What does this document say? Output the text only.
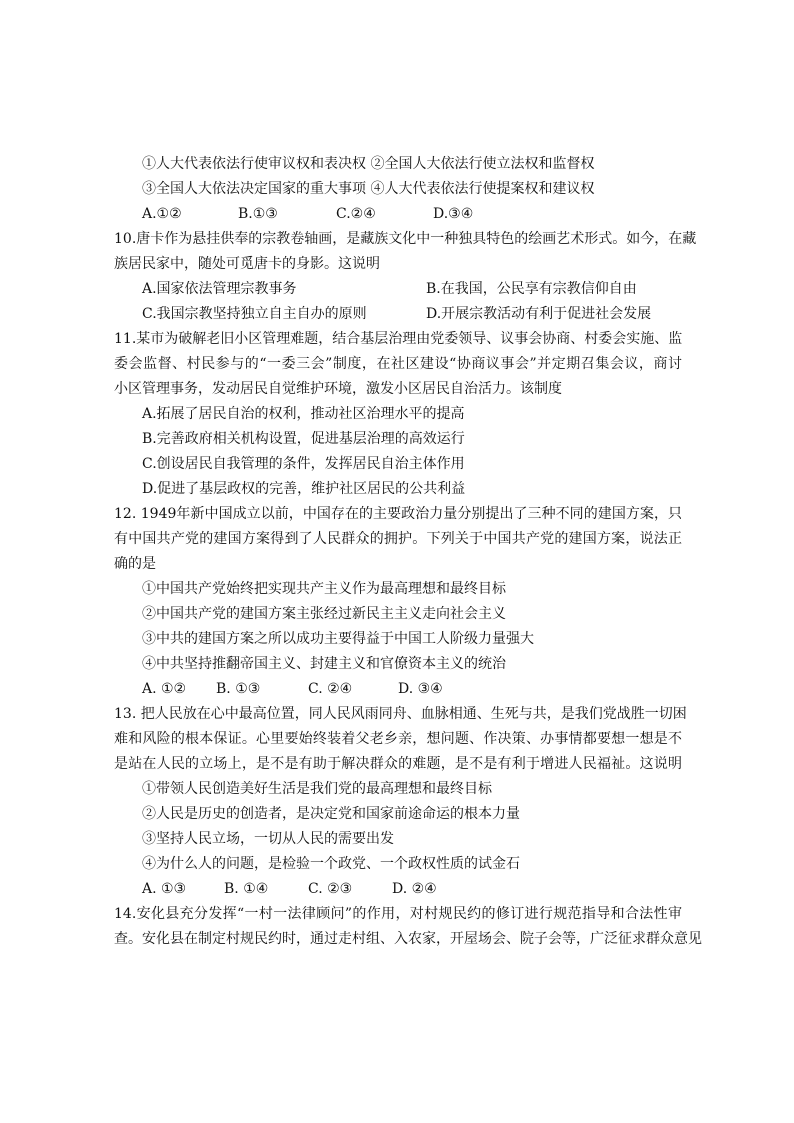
①人大代表依法行使审议权和表决权 ②全国人大依法行使立法权和监督权
③全国人大依法决定国家的重大事项 ④人大代表依法行使提案权和建议权
A.①②	B.①③	C.②④	D.③④
10.唐卡作为悬挂供奉的宗教卷轴画，是藏族文化中一种独具特色的绘画艺术形式。如今，在藏
族居民家中，随处可觅唐卡的身影。这说明
A.国家依法管理宗教事务	B.在我国，公民享有宗教信仰自由
C.我国宗教坚持独立自主自办的原则	D.开展宗教活动有利于促进社会发展
11.某市为破解老旧小区管理难题，结合基层治理由党委领导、议事会协商、村委会实施、监
委会监督、村民参与的“一委三会”制度，在社区建设“协商议事会”并定期召集会议，商讨
小区管理事务，发动居民自觉维护环境，激发小区居民自治活力。该制度
A.拓展了居民自治的权利，推动社区治理水平的提高
B.完善政府相关机构设置，促进基层治理的高效运行
C.创设居民自我管理的条件，发挥居民自治主体作用
D.促进了基层政权的完善，维护社区居民的公共利益
12. 1949年新中国成立以前，中国存在的主要政治力量分别提出了三种不同的建国方案，只
有中国共产党的建国方案得到了人民群众的拥护。下列关于中国共产党的建国方案，说法正
确的是
①中国共产党始终把实现共产主义作为最高理想和最终目标
②中国共产党的建国方案主张经过新民主主义走向社会主义
③中共的建国方案之所以成功主要得益于中国工人阶级力量强大
④中共坚持推翻帝国主义、封建主义和官僚资本主义的统治
A. ①② B. ①③	C. ②④	D. ③④
13. 把人民放在心中最高位置，同人民风雨同舟、血脉相通、生死与共，是我们党战胜一切困
难和风险的根本保证。心里要始终装着父老乡亲，想问题、作决策、办事情都要想一想是不
是站在人民的立场上，是不是有助于解决群众的难题，是不是有利于增进人民福祉。这说明
①带领人民创造美好生活是我们党的最高理想和最终目标
②人民是历史的创造者，是决定党和国家前途命运的根本力量
③坚持人民立场，一切从人民的需要出发
④为什么人的问题，是检验一个政党、一个政权性质的试金石
A. ①③	B. ①④	C. ②③	D. ②④
14.安化县充分发挥“一村一法律顾问”的作用，对村规民约的修订进行规范指导和合法性审
查。安化县在制定村规民约时，通过走村组、入农家，开屋场会、院子会等，广泛征求群众意见
